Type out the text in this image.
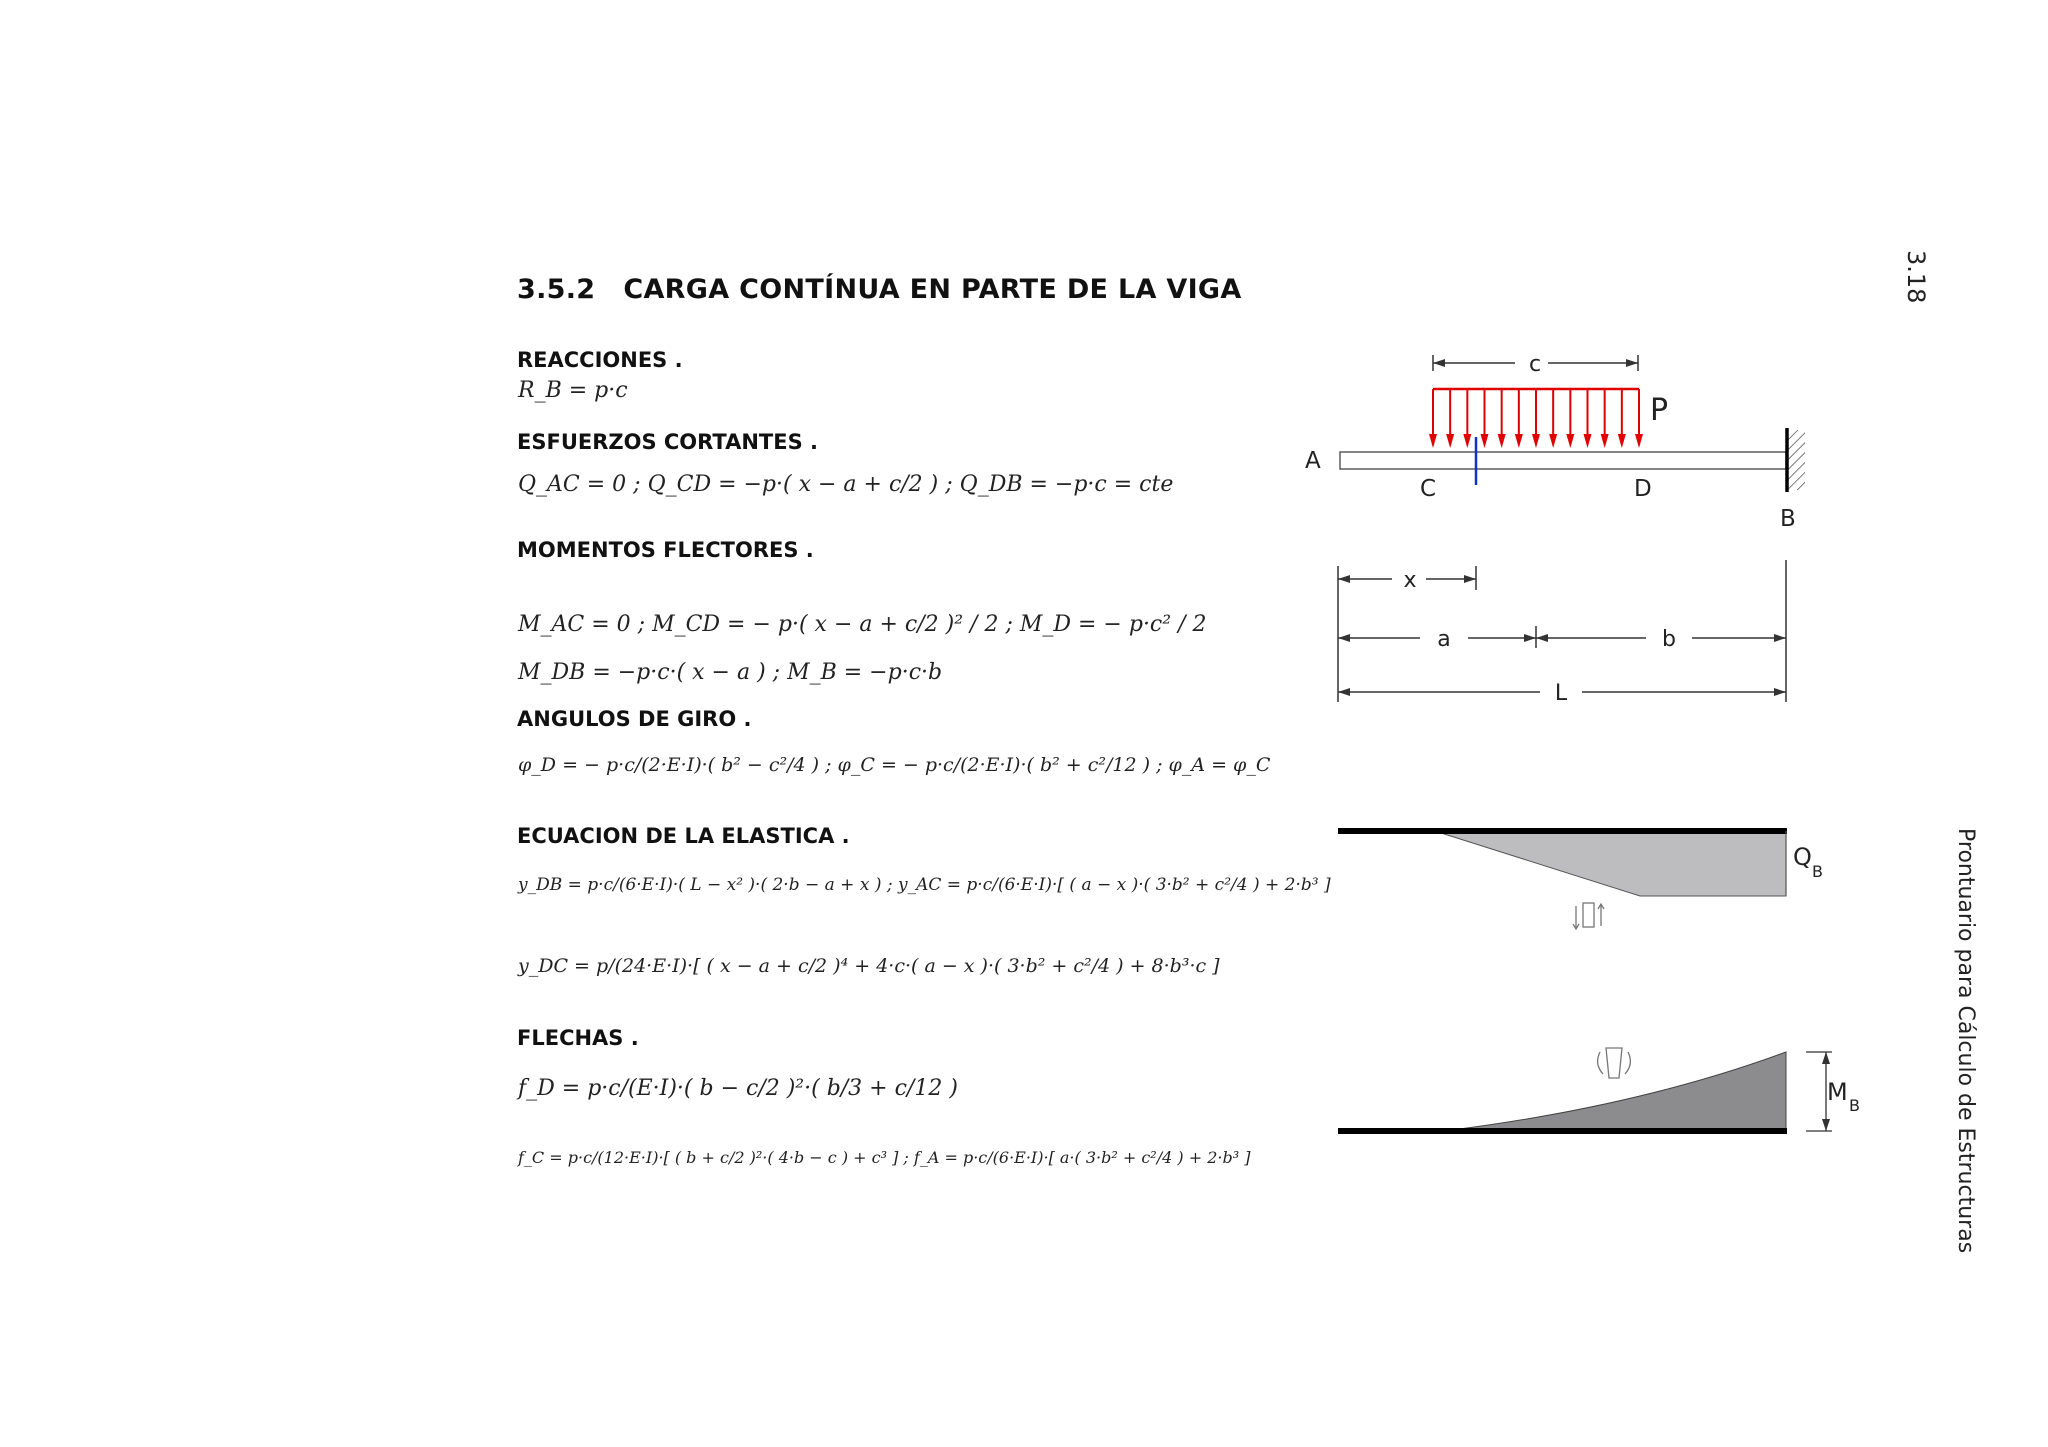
3.18
Prontuario para Cálculo de Estructuras
3.5.2 CARGA CONTÍNUA EN PARTE DE LA VIGA
REACCIONES .
ESFUERZOS CORTANTES .
MOMENTOS FLECTORES .
ANGULOS DE GIRO .
ECUACION DE LA ELASTICA .
FLECHAS .
R_B = p·c
Q_AC = 0 ; Q_CD = −p·( x − a + c/2 ) ; Q_DB = −p·c = cte
M_AC = 0 ; M_CD = − p·( x − a + c/2 )² / 2 ; M_D = − p·c² / 2
M_DB = −p·c·( x − a ) ; M_B = −p·c·b
φ_D = − p·c/(2·E·I)·( b² − c²/4 ) ; φ_C = − p·c/(2·E·I)·( b² + c²/12 ) ; φ_A = φ_C
y_DB = p·c/(6·E·I)·( L − x² )·( 2·b − a + x ) ; y_AC = p·c/(6·E·I)·[ ( a − x )·( 3·b² + c²/4 ) + 2·b³ ]
y_DC = p/(24·E·I)·[ ( x − a + c/2 )⁴ + 4·c·( a − x )·( 3·b² + c²/4 ) + 8·b³·c ]
f_D = p·c/(E·I)·( b − c/2 )²·( b/3 + c/12 )
f_C = p·c/(12·E·I)·[ ( b + c/2 )²·( 4·b − c ) + c³ ] ; f_A = p·c/(6·E·I)·[ a·( 3·b² + c²/4 ) + 2·b³ ]
c
P
A
C	D
B
x
a	b
L
Q
B
M B
